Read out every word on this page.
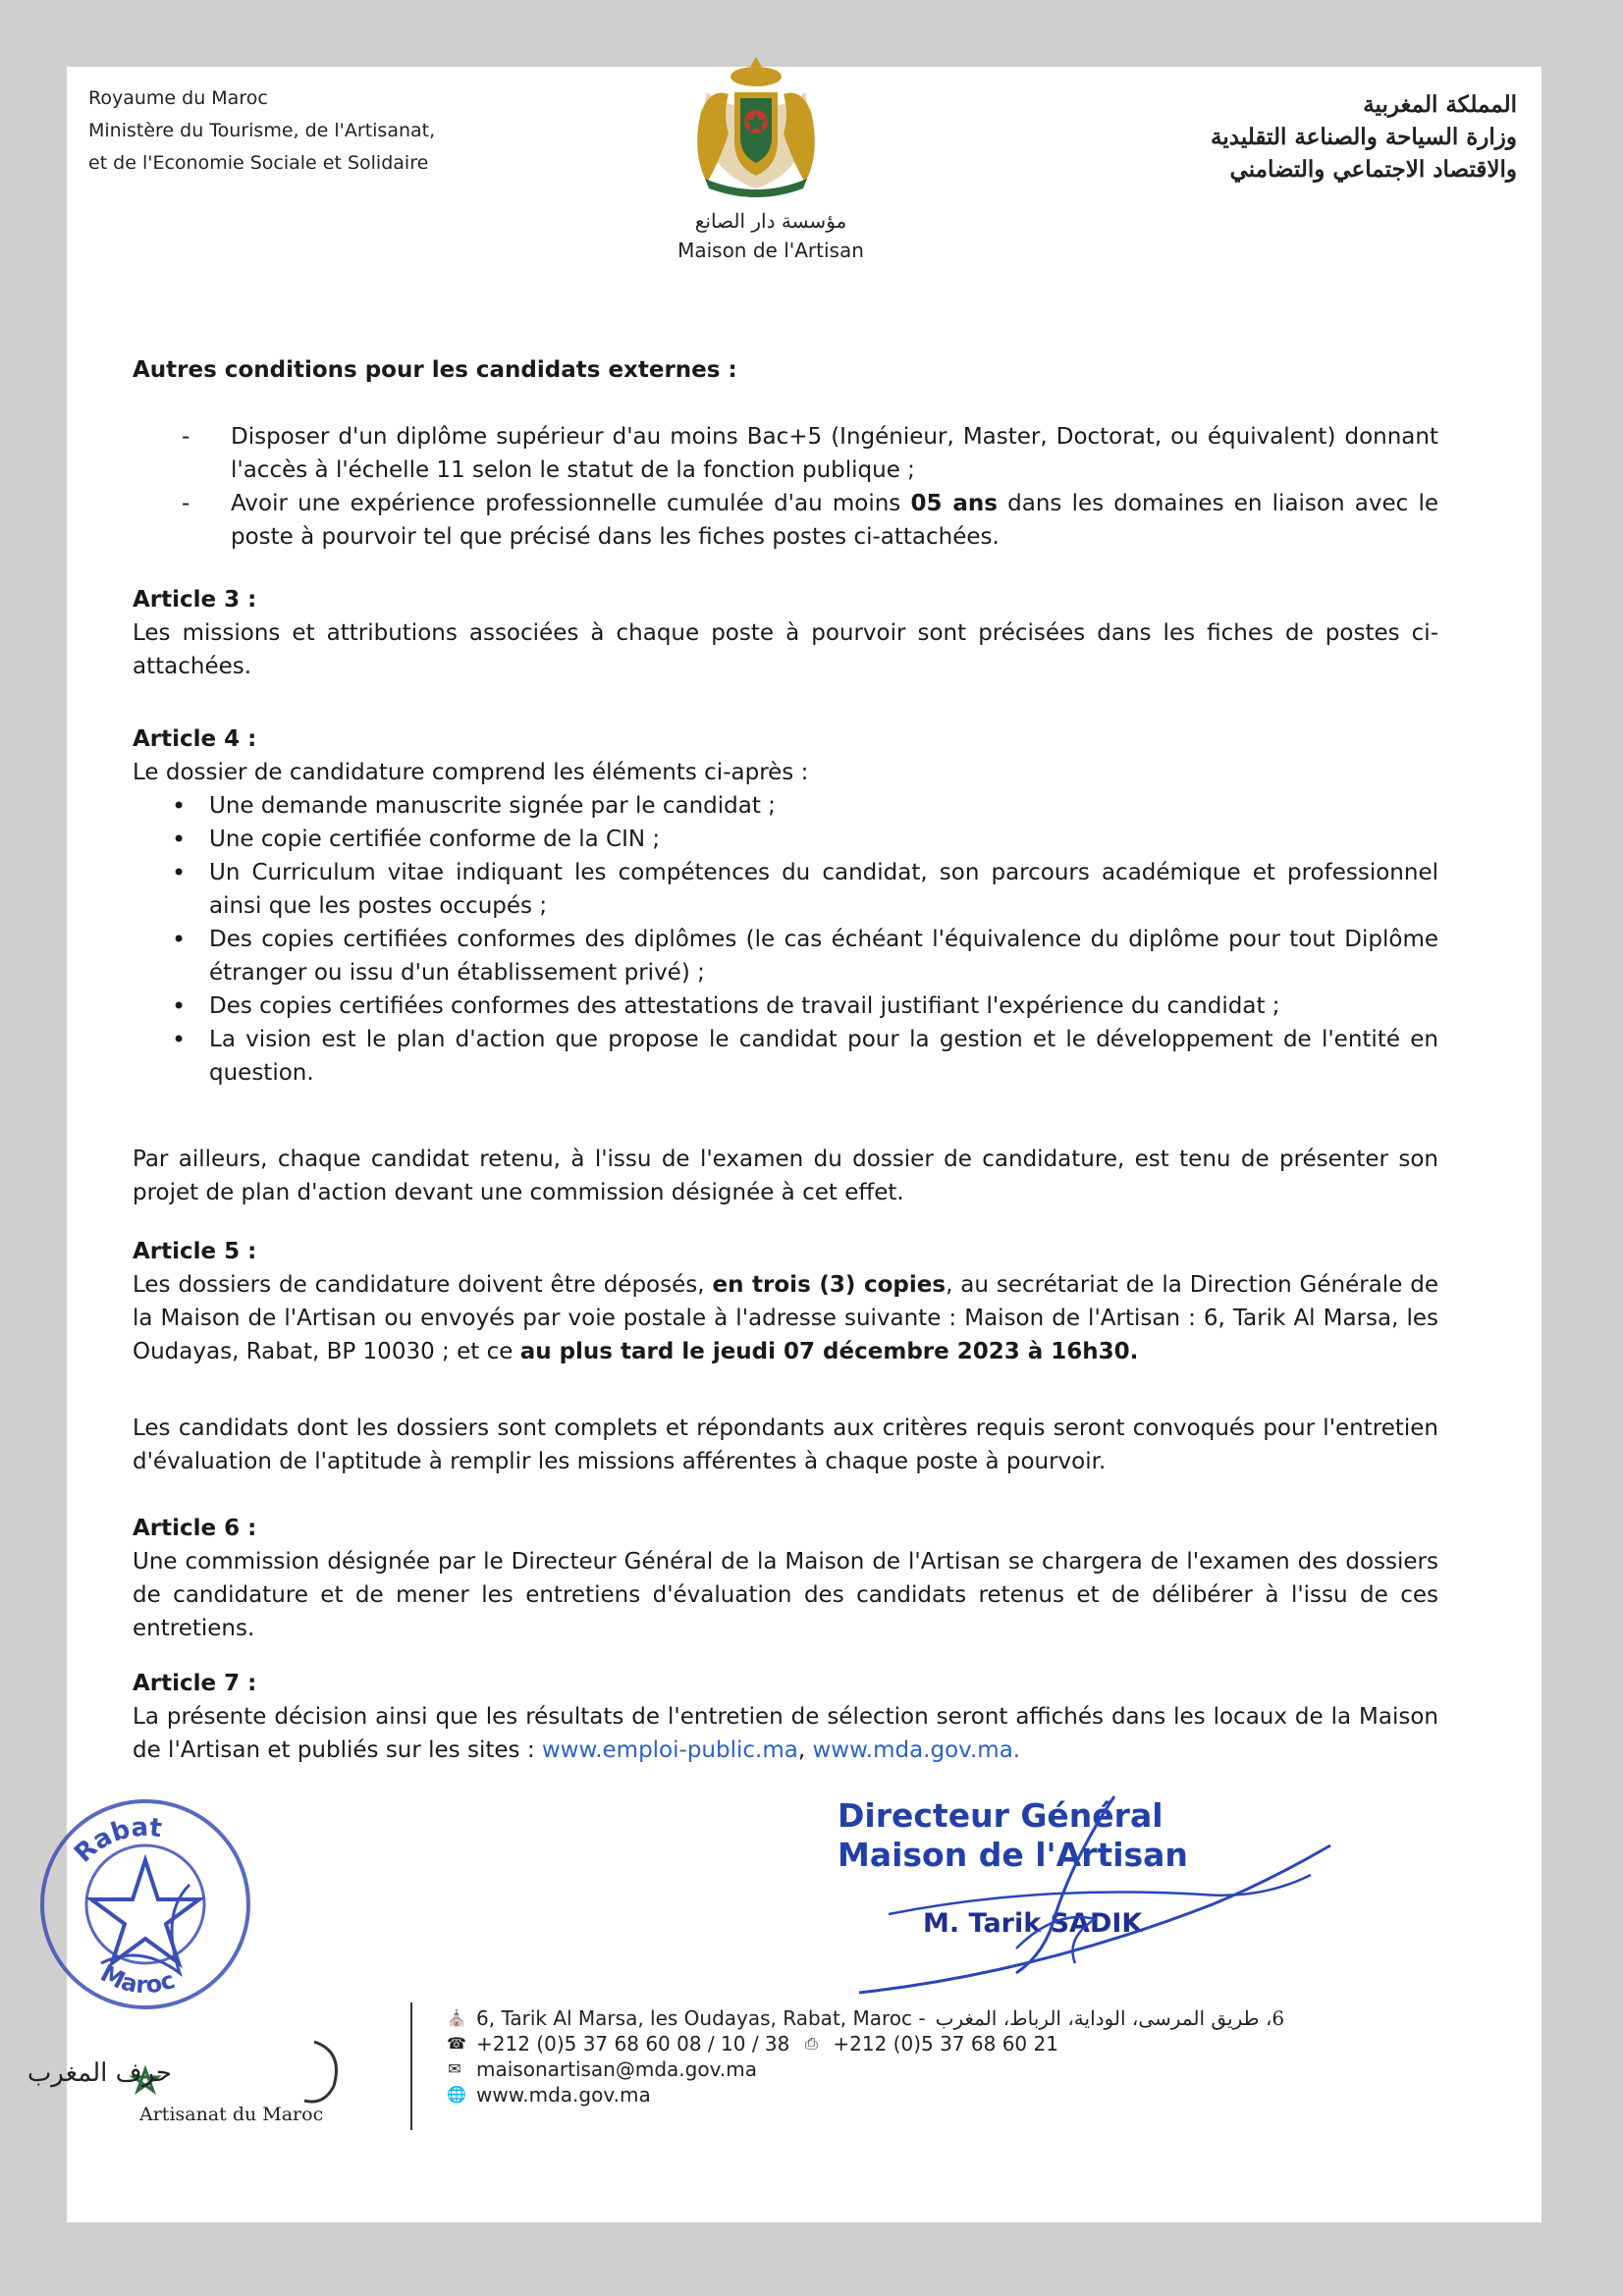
Royaume du Maroc
Ministère du Tourisme, de l'Artisanat,
et de l'Economie Sociale et Solidaire
المملكة المغربية
وزارة السياحة والصناعة التقليدية
والاقتصاد الاجتماعي والتضامني
مؤسسة دار الصانع
Maison de l'Artisan

Autres conditions pour les candidats externes :

- Disposer d'un diplôme supérieur d'au moins Bac+5 (Ingénieur, Master, Doctorat, ou équivalent) donnant l'accès à l'échelle 11 selon le statut de la fonction publique ;
- Avoir une expérience professionnelle cumulée d'au moins 05 ans dans les domaines en liaison avec le poste à pourvoir tel que précisé dans les fiches postes ci-attachées.

Article 3 :

Les missions et attributions associées à chaque poste à pourvoir sont précisées dans les fiches de postes ci-attachées.

Article 4 :

Le dossier de candidature comprend les éléments ci-après :

• Une demande manuscrite signée par le candidat ;
• Une copie certifiée conforme de la CIN ;
• Un Curriculum vitae indiquant les compétences du candidat, son parcours académique et professionnel ainsi que les postes occupés ;
• Des copies certifiées conformes des diplômes (le cas échéant l'équivalence du diplôme pour tout Diplôme étranger ou issu d'un établissement privé) ;
• Des copies certifiées conformes des attestations de travail justifiant l'expérience du candidat ;
• La vision est le plan d'action que propose le candidat pour la gestion et le développement de l'entité en question.

Par ailleurs, chaque candidat retenu, à l'issu de l'examen du dossier de candidature, est tenu de présenter son projet de plan d'action devant une commission désignée à cet effet.

Article 5 :

Les dossiers de candidature doivent être déposés, en trois (3) copies, au secrétariat de la Direction Générale de la Maison de l'Artisan ou envoyés par voie postale à l'adresse suivante : Maison de l'Artisan : 6, Tarik Al Marsa, les Oudayas, Rabat, BP 10030 ; et ce au plus tard le jeudi 07 décembre 2023 à 16h30.

Les candidats dont les dossiers sont complets et répondants aux critères requis seront convoqués pour l'entretien d'évaluation de l'aptitude à remplir les missions afférentes à chaque poste à pourvoir.

Article 6 :

Une commission désignée par le Directeur Général de la Maison de l'Artisan se chargera de l'examen des dossiers de candidature et de mener les entretiens d'évaluation des candidats retenus et de délibérer à l'issu de ces entretiens.

Article 7 :

La présente décision ainsi que les résultats de l'entretien de sélection seront affichés dans les locaux de la Maison de l'Artisan et publiés sur les sites : www.emploi-public.ma, www.mda.gov.ma.

Rabat
Maroc
Directeur Général
Maison de l'Artisan
M. Tarik SADIK
حرف المغرب
Artisanat du Maroc
⛪ 6, Tarik Al Marsa, les Oudayas, Rabat, Maroc - 6، طريق المرسى، الوداية، الرباط، المغرب
☎ +212 (0)5 37 68 60 08 / 10 / 38 ⎙ +212 (0)5 37 68 60 21
✉ maisonartisan@mda.gov.ma
🌐 www.mda.gov.ma
